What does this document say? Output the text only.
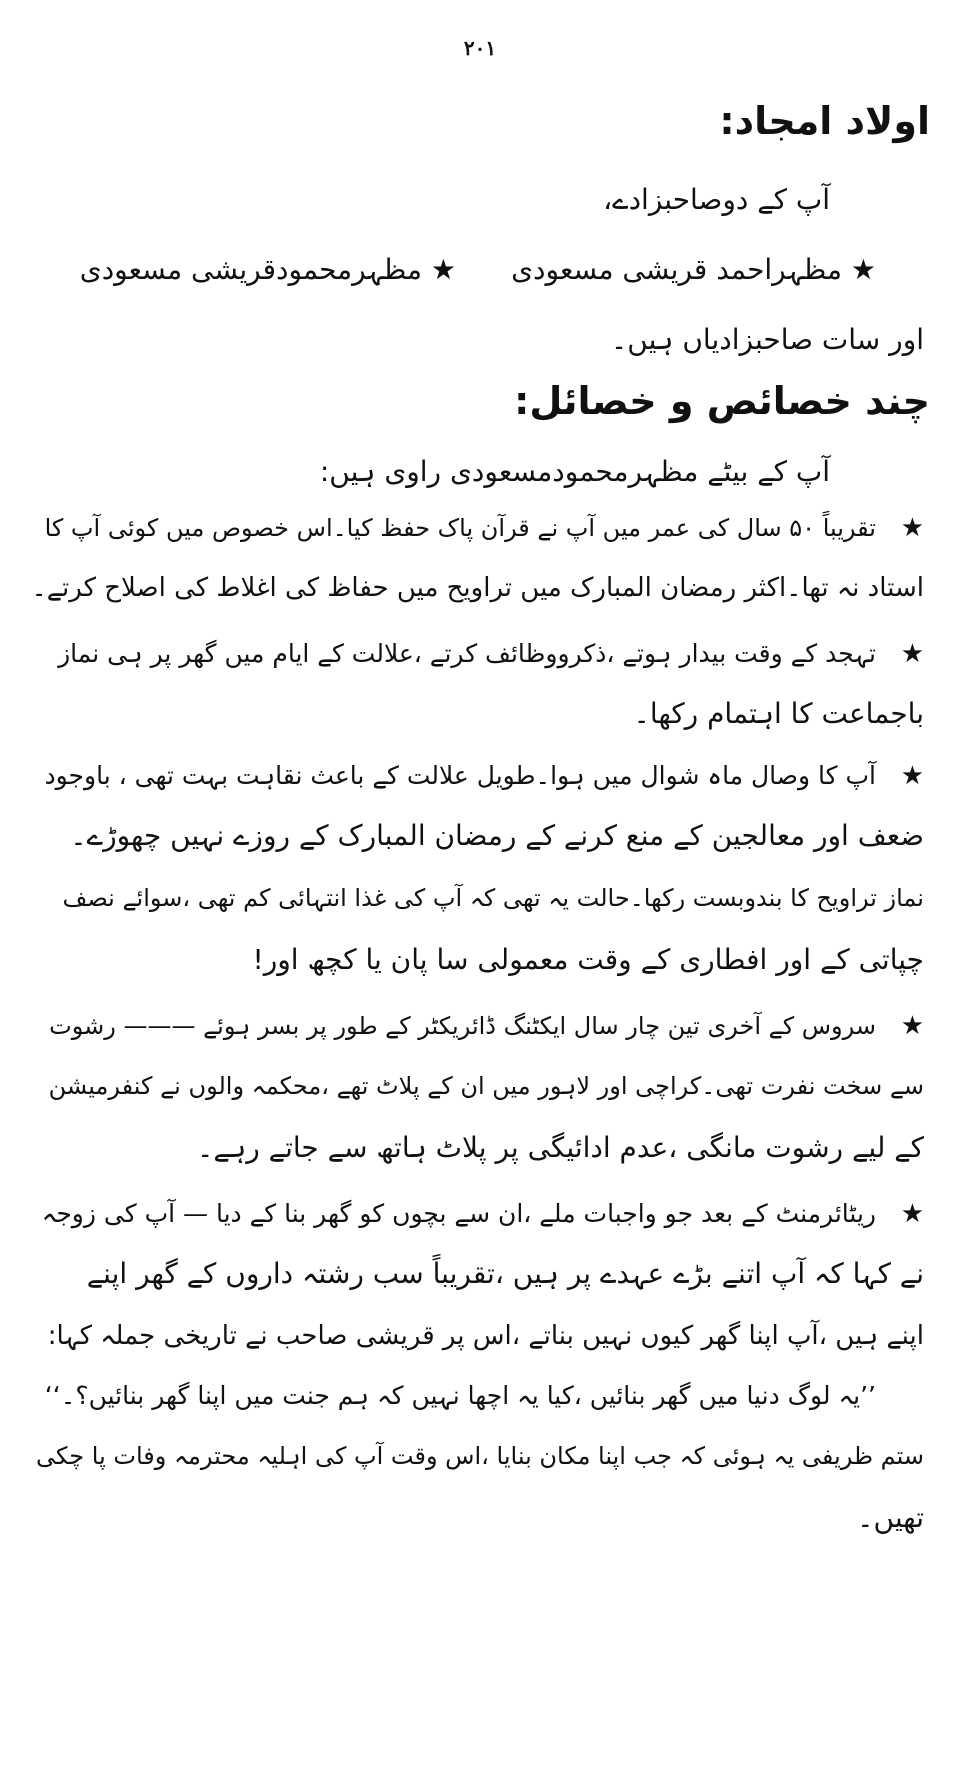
۲۰۱
اولاد امجاد:
آپ کے دوصاحبزادے،
★ مظہراحمد قریشی مسعودی
★ مظہرمحمودقریشی مسعودی
اور سات صاحبزادیاں ہیں۔
چند خصائص و خصائل:
آپ کے بیٹے مظہرمحمودمسعودی راوی ہیں:
★
تقریباً ۵۰ سال کی عمر میں آپ نے قرآن پاک حفظ کیا۔اس خصوص میں کوئی آپ کا
استاد نہ تھا۔اکثر رمضان المبارک میں تراویح میں حفاظ کی اغلاط کی اصلاح کرتے۔
★
تہجد کے وقت بیدار ہوتے ،ذکرووظائف کرتے ،علالت کے ایام میں گھر پر ہی نماز
باجماعت کا اہتمام رکھا۔
★
آپ کا وصال ماہ شوال میں ہوا۔طویل علالت کے باعث نقاہت بہت تھی ، باوجود
ضعف اور معالجین کے منع کرنے کے رمضان المبارک کے روزے نہیں چھوڑے۔
نماز تراویح کا بندوبست رکھا۔حالت یہ تھی کہ آپ کی غذا انتہائی کم تھی ،سوائے نصف
چپاتی کے اور افطاری کے وقت معمولی سا پان یا کچھ اور!
★
سروس کے آخری تین چار سال ایکٹنگ ڈائریکٹر کے طور پر بسر ہوئے ——— رشوت
سے سخت نفرت تھی۔کراچی اور لاہور میں ان کے پلاٹ تھے ،محکمہ والوں نے کنفرمیشن
کے لیے رشوت مانگی ،عدم ادائیگی پر پلاٹ ہاتھ سے جاتے رہے۔
★
ریٹائرمنٹ کے بعد جو واجبات ملے ،ان سے بچوں کو گھر بنا کے دیا — آپ کی زوجہ
نے کہا کہ آپ اتنے بڑے عہدے پر ہیں ،تقریباً سب رشتہ داروں کے گھر اپنے
اپنے ہیں ،آپ اپنا گھر کیوں نہیں بناتے ،اس پر قریشی صاحب نے تاریخی جملہ کہا:
’’یہ لوگ دنیا میں گھر بنائیں ،کیا یہ اچھا نہیں کہ ہم جنت میں اپنا گھر بنائیں؟۔‘‘
ستم ظریفی یہ ہوئی کہ جب اپنا مکان بنایا ،اس وقت آپ کی اہلیہ محترمہ وفات پا چکی
تھیں۔
